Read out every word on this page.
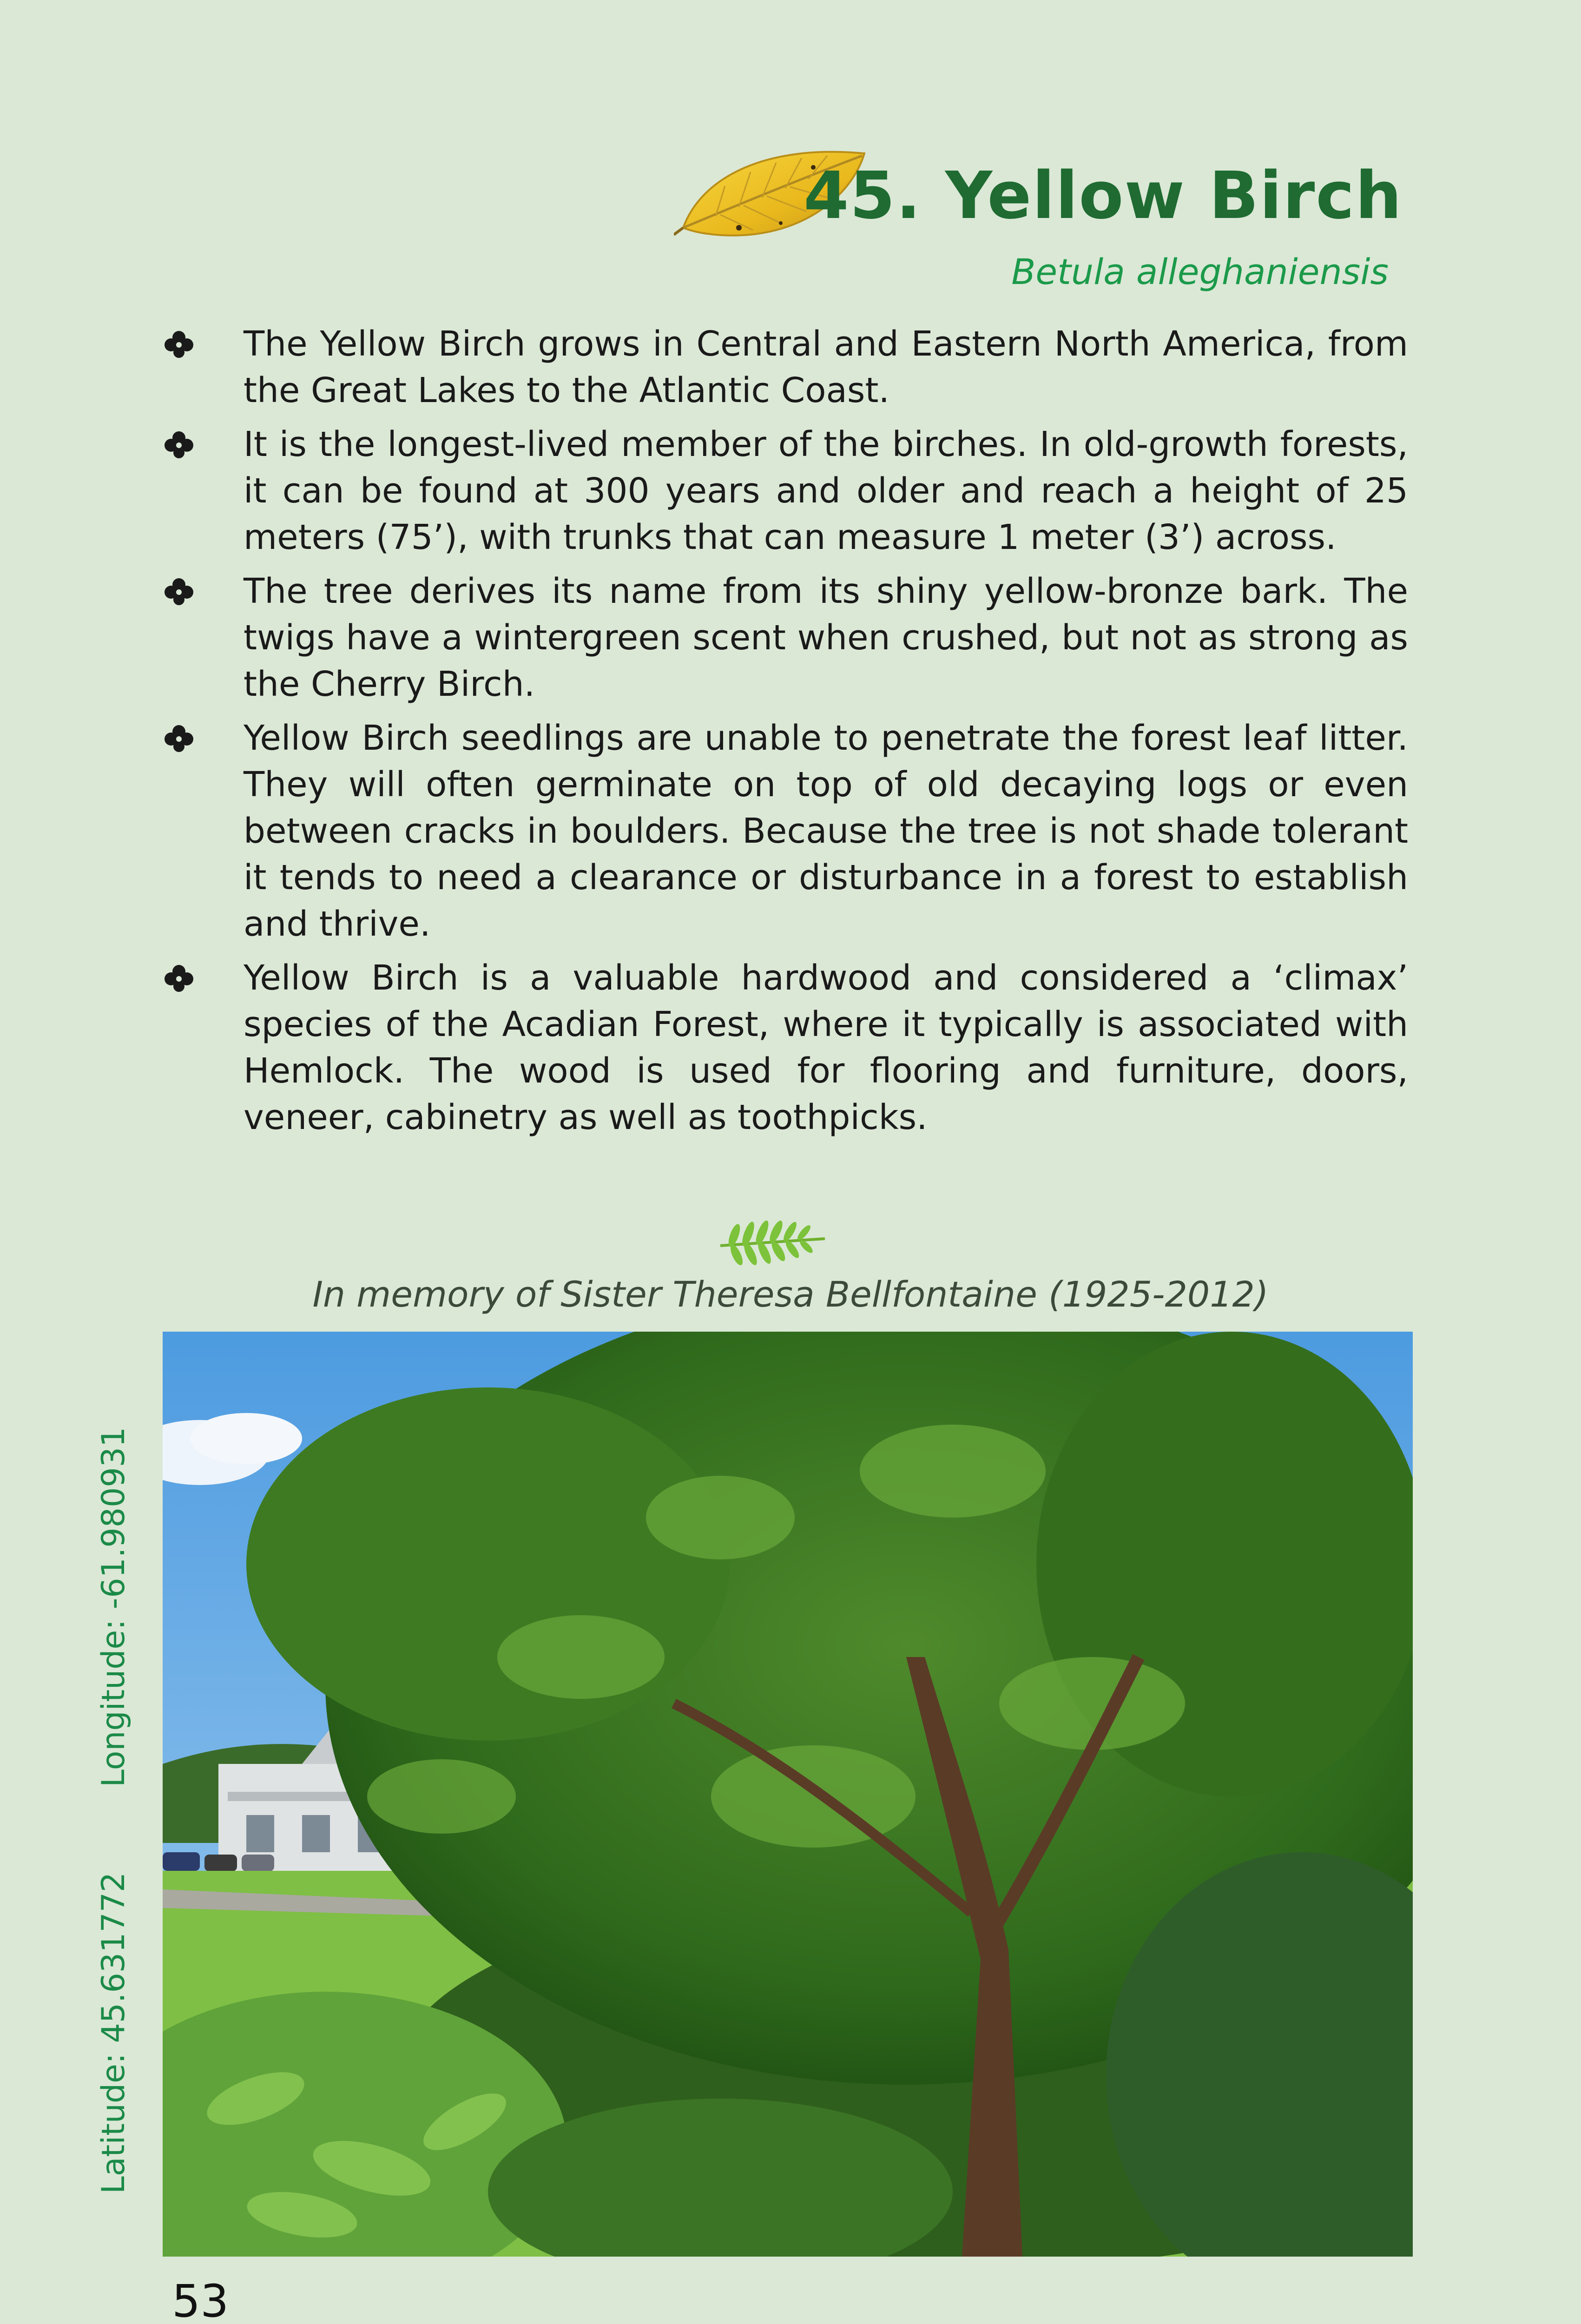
45. Yellow Birch
Betula alleghaniensis
The Yellow Birch grows in Central and Eastern North America, from the Great Lakes to the Atlantic Coast.
It is the longest-lived member of the birches. In old-growth forests, it can be found at 300 years and older and reach a height of 25 meters (75’), with trunks that can measure 1 meter (3’) across.
The tree derives its name from its shiny yellow-bronze bark. The twigs have a wintergreen scent when crushed, but not as strong as the Cherry Birch.
Yellow Birch seedlings are unable to penetrate the forest leaf litter. They will often germinate on top of old decaying logs or even between cracks in boulders. Because the tree is not shade tolerant it tends to need a clearance or disturbance in a forest to establish and thrive.
Yellow Birch is a valuable hardwood and considered a ‘climax’ species of the Acadian Forest, where it typically is associated with Hemlock. The wood is used for flooring and furniture, doors, veneer, cabinetry as well as toothpicks.
In memory of Sister Theresa Bellfontaine (1925-2012)
Latitude: 45.631772
Longitude: -61.980931
53
